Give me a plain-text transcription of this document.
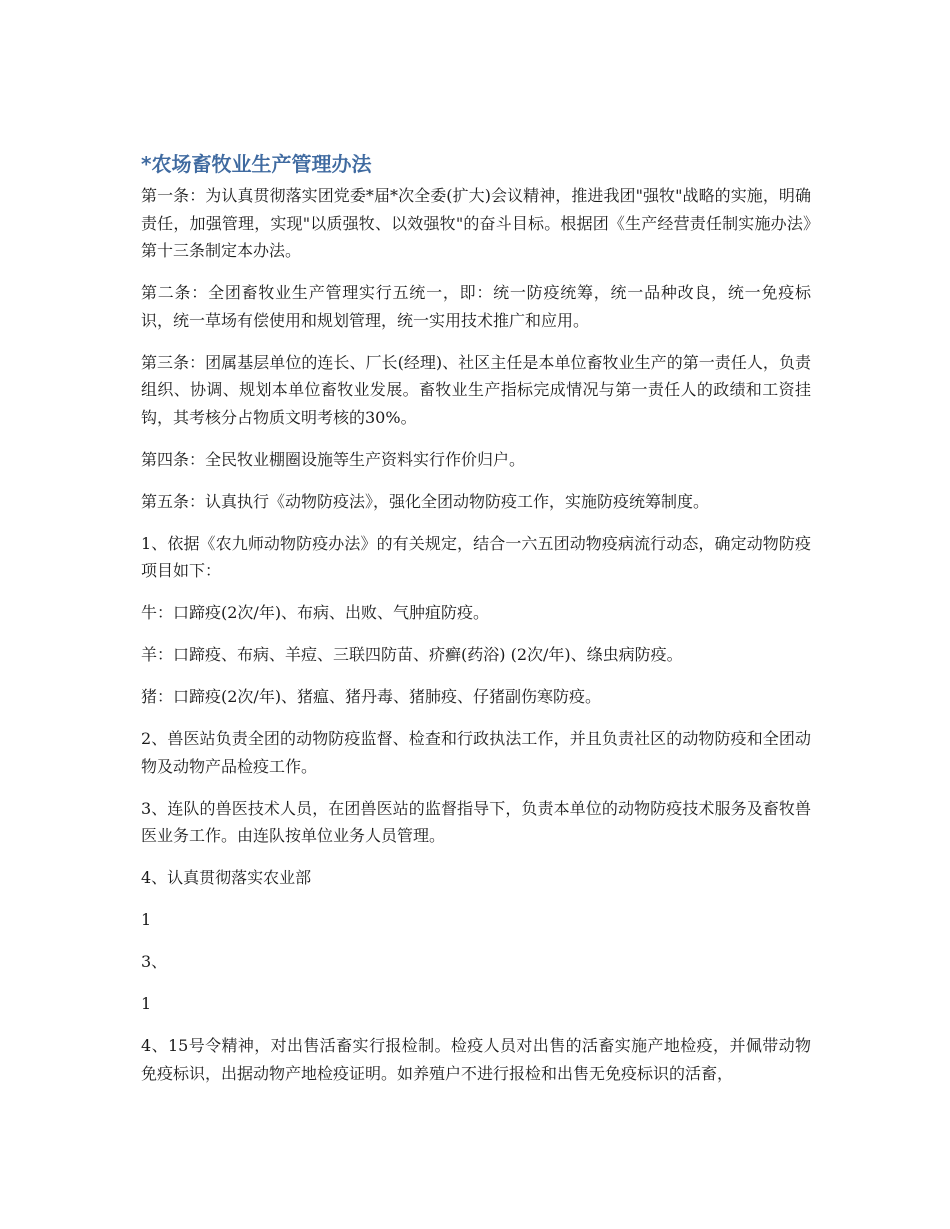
*农场畜牧业生产管理办法

第一条：为认真贯彻落实团党委*届*次全委(扩大)会议精神，推进我团"强牧"战略的实施，明确责任，加强管理，实现"以质强牧、以效强牧"的奋斗目标。根据团《生产经营责任制实施办法》第十三条制定本办法。

第二条：全团畜牧业生产管理实行五统一，即：统一防疫统筹，统一品种改良，统一免疫标识，统一草场有偿使用和规划管理，统一实用技术推广和应用。

第三条：团属基层单位的连长、厂长(经理)、社区主任是本单位畜牧业生产的第一责任人，负责组织、协调、规划本单位畜牧业发展。畜牧业生产指标完成情况与第一责任人的政绩和工资挂钩，其考核分占物质文明考核的30%。

第四条：全民牧业棚圈设施等生产资料实行作价归户。

第五条：认真执行《动物防疫法》，强化全团动物防疫工作，实施防疫统筹制度。

1、依据《农九师动物防疫办法》的有关规定，结合一六五团动物疫病流行动态，确定动物防疫项目如下：

牛：口蹄疫(2次/年)、布病、出败、气肿疽防疫。

羊：口蹄疫、布病、羊痘、三联四防苗、疥癣(药浴) (2次/年)、绦虫病防疫。

猪：口蹄疫(2次/年)、猪瘟、猪丹毒、猪肺疫、仔猪副伤寒防疫。

2、兽医站负责全团的动物防疫监督、检查和行政执法工作，并且负责社区的动物防疫和全团动物及动物产品检疫工作。

3、连队的兽医技术人员，在团兽医站的监督指导下，负责本单位的动物防疫技术服务及畜牧兽医业务工作。由连队按单位业务人员管理。

4、认真贯彻落实农业部

1

3、

1

4、15号令精神，对出售活畜实行报检制。检疫人员对出售的活畜实施产地检疫，并佩带动物免疫标识，出据动物产地检疫证明。如养殖户不进行报检和出售无免疫标识的活畜，
